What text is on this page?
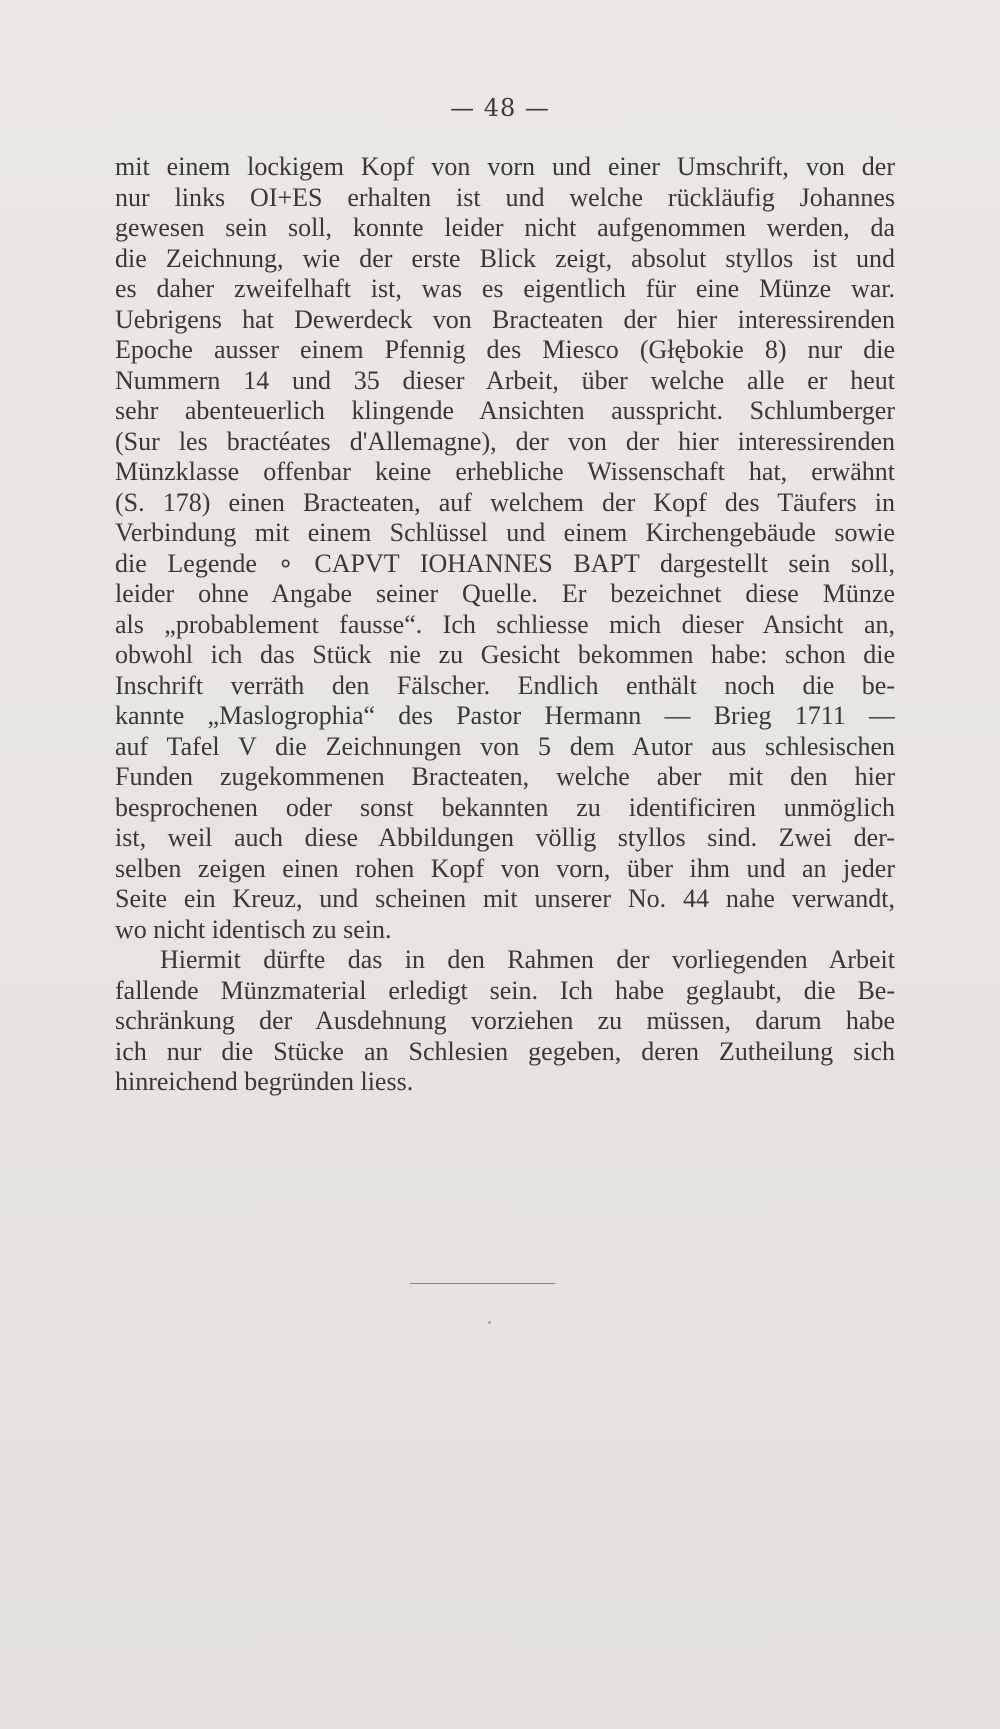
— 48 —
mit einem lockigem Kopf von vorn und einer Umschrift, von der
nur links OI+ES erhalten ist und welche rückläufig Johannes
gewesen sein soll, konnte leider nicht aufgenommen werden, da
die Zeichnung, wie der erste Blick zeigt, absolut styllos ist und
es daher zweifelhaft ist, was es eigentlich für eine Münze war.
Uebrigens hat Dewerdeck von Bracteaten der hier interessirenden
Epoche ausser einem Pfennig des Miesco (Głębokie 8) nur die
Nummern 14 und 35 dieser Arbeit, über welche alle er heut
sehr abenteuerlich klingende Ansichten ausspricht. Schlumberger
(Sur les bractéates d'Allemagne), der von der hier interessirenden
Münzklasse offenbar keine erhebliche Wissenschaft hat, erwähnt
(S. 178) einen Bracteaten, auf welchem der Kopf des Täufers in
Verbindung mit einem Schlüssel und einem Kirchengebäude sowie
die Legende ∘ CAPVT IOHANNES BAPT dargestellt sein soll,
leider ohne Angabe seiner Quelle. Er bezeichnet diese Münze
als „probablement fausse“. Ich schliesse mich dieser Ansicht an,
obwohl ich das Stück nie zu Gesicht bekommen habe: schon die
Inschrift verräth den Fälscher. Endlich enthält noch die be-
kannte „Maslogrophia“ des Pastor Hermann — Brieg 1711 —
auf Tafel V die Zeichnungen von 5 dem Autor aus schlesischen
Funden zugekommenen Bracteaten, welche aber mit den hier
besprochenen oder sonst bekannten zu identificiren unmöglich
ist, weil auch diese Abbildungen völlig styllos sind. Zwei der-
selben zeigen einen rohen Kopf von vorn, über ihm und an jeder
Seite ein Kreuz, und scheinen mit unserer No. 44 nahe verwandt,
wo nicht identisch zu sein.
Hiermit dürfte das in den Rahmen der vorliegenden Arbeit
fallende Münzmaterial erledigt sein. Ich habe geglaubt, die Be-
schränkung der Ausdehnung vorziehen zu müssen, darum habe
ich nur die Stücke an Schlesien gegeben, deren Zutheilung sich
hinreichend begründen liess.
